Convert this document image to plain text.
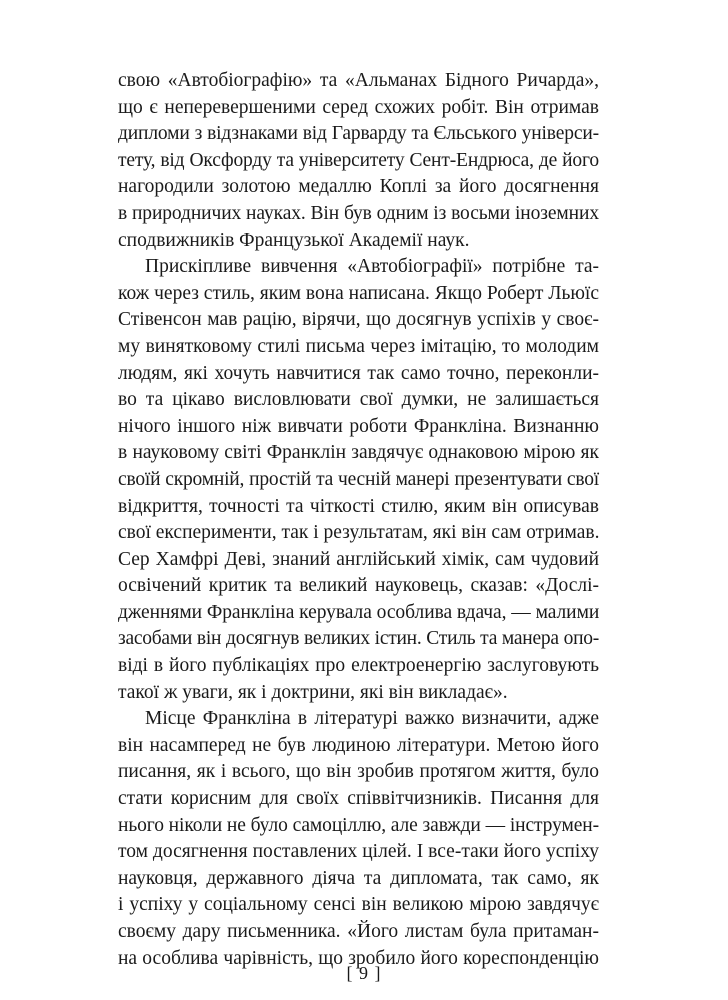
свою «Автобіографію» та «Альманах Бідного Ричарда»,
що є неперевершеними серед схожих робіт. Він отримав
дипломи з відзнаками від Гарварду та Єльського універси-
тету, від Оксфорду та університету Сент-Ендрюса, де його
нагородили золотою медаллю Коплі за його досягнення
в природничих науках. Він був одним із восьми іноземних
сподвижників Французької Академії наук.
Прискіпливе вивчення «Автобіографії» потрібне та-
кож через стиль, яким вона написана. Якщо Роберт Льюїс
Стівенсон мав рацію, вірячи, що досягнув успіхів у своє-
му винятковому стилі письма через імітацію, то молодим
людям, які хочуть навчитися так само точно, переконли-
во та цікаво висловлювати свої думки, не залишається
нічого іншого ніж вивчати роботи Франкліна. Визнанню
в науковому світі Франклін завдячує однаковою мірою як
своїй скромній, простій та чесній манері презентувати свої
відкриття, точності та чіткості стилю, яким він описував
свої експерименти, так і результатам, які він сам отримав.
Сер Хамфрі Деві, знаний англійський хімік, сам чудовий
освічений критик та великий науковець, сказав: «Дослі-
дженнями Франкліна керувала особлива вдача, — малими
засобами він досягнув великих істин. Стиль та манера опо-
віді в його публікаціях про електроенергію заслуговують
такої ж уваги, як і доктрини, які він викладає».
Місце Франкліна в літературі важко визначити, адже
він насамперед не був людиною літератури. Метою його
писання, як і всього, що він зробив протягом життя, було
стати корисним для своїх співвітчизників. Писання для
нього ніколи не було самоціллю, але завжди — інструмен-
том досягнення поставлених цілей. І все-таки його успіху
науковця, державного діяча та дипломата, так само, як
і успіху у соціальному сенсі він великою мірою завдячує
своєму дару письменника. «Його листам була притаман-
на особлива чарівність, що зробило його кореспонденцію
[ 9 ]
